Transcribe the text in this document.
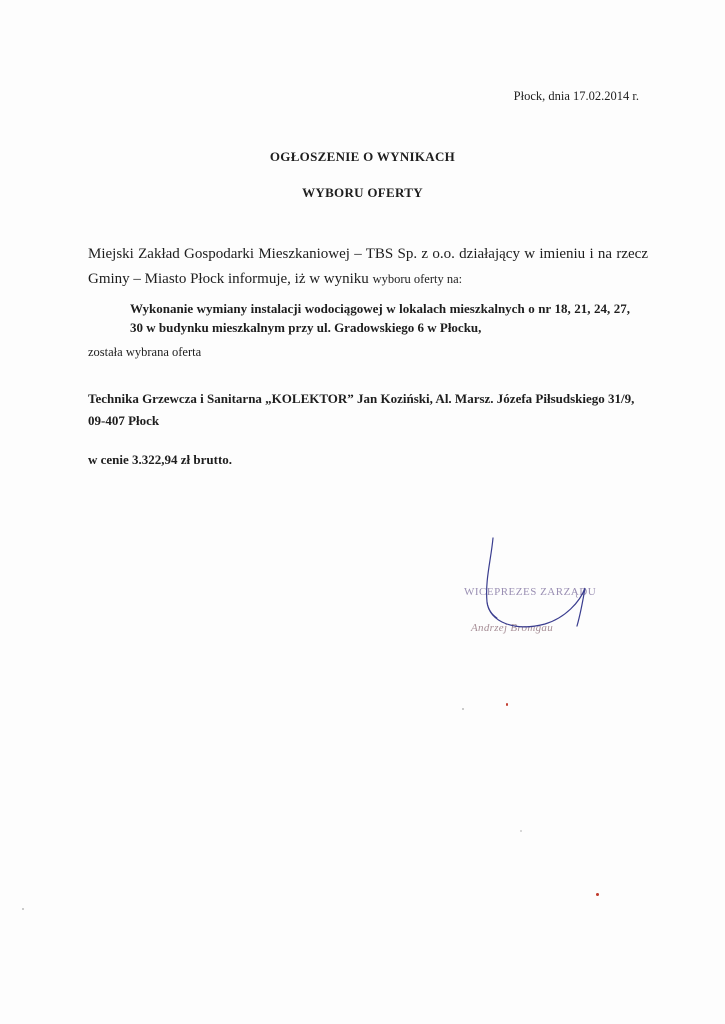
Płock, dnia 17.02.2014 r.
OGŁOSZENIE O WYNIKACH
WYBORU OFERTY
Miejski Zakład Gospodarki Mieszkaniowej – TBS Sp. z o.o. działający w imieniu i na rzecz Gminy – Miasto Płock informuje, iż w wyniku wyboru oferty na:
Wykonanie wymiany instalacji wodociągowej w lokalach mieszkalnych o nr 18, 21, 24, 27, 30 w budynku mieszkalnym przy ul. Gradowskiego 6 w Płocku,
została wybrana oferta
Technika Grzewcza i Sanitarna „KOLEKTOR” Jan Koziński, Al. Marsz. Józefa Piłsudskiego 31/9, 09-407 Płock
w cenie 3.322,94 zł brutto.
WICEPREZES ZARZĄDU
Andrzej Bromgau
